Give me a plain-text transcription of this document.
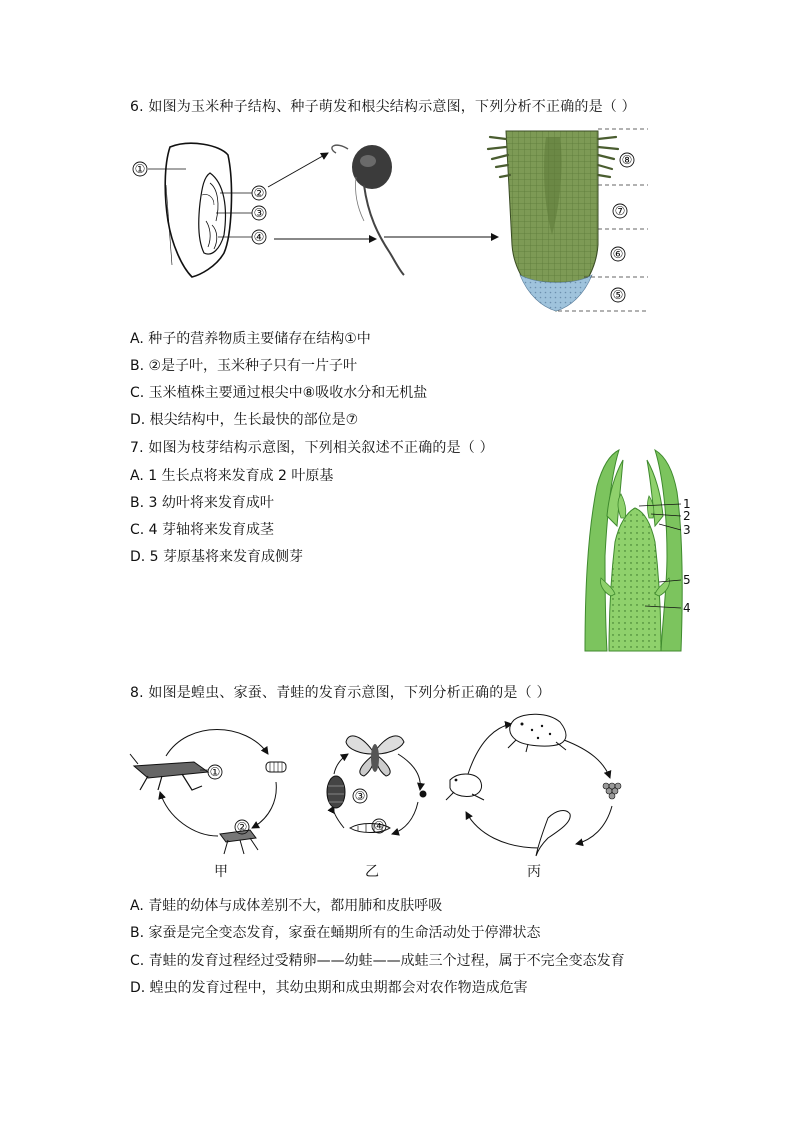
6. 如图为玉米种子结构、种子萌发和根尖结构示意图，下列分析不正确的是（ ）
①
②
③
④
⑧
⑦
⑥
⑤
A. 种子的营养物质主要储存在结构①中
B. ②是子叶，玉米种子只有一片子叶
C. 玉米植株主要通过根尖中⑧吸收水分和无机盐
D. 根尖结构中，生长最快的部位是⑦
7. 如图为枝芽结构示意图，下列相关叙述不正确的是（ ）
A. 1 生长点将来发育成 2 叶原基
B. 3 幼叶将来发育成叶
C. 4 芽轴将来发育成茎
D. 5 芽原基将来发育成侧芽
1
2
3
5
4
8. 如图是蝗虫、家蚕、青蛙的发育示意图，下列分析正确的是（ ）
①
②
③
④
甲	乙	丙
A. 青蛙的幼体与成体差别不大，都用肺和皮肤呼吸
B. 家蚕是完全变态发育，家蚕在蛹期所有的生命活动处于停滞状态
C. 青蛙的发育过程经过受精卵——幼蛙——成蛙三个过程，属于不完全变态发育
D. 蝗虫的发育过程中，其幼虫期和成虫期都会对农作物造成危害
